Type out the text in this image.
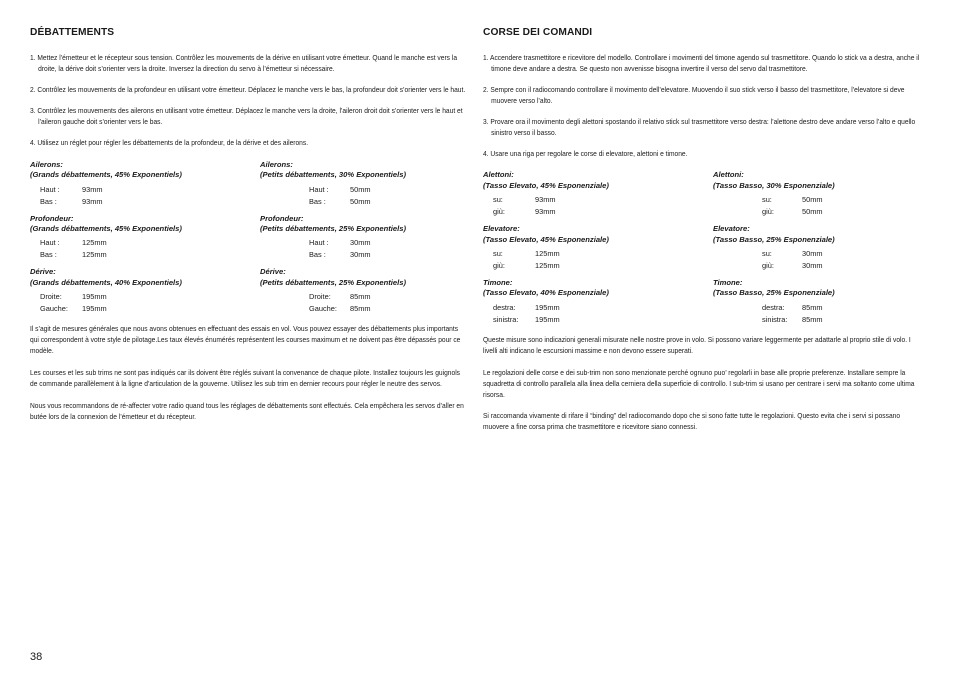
DÉBATTEMENTS
1. Mettez l’émetteur et le récepteur sous tension. Contrôlez les mouvements de la dérive en utilisant votre émetteur. Quand le manche est vers la droite, la dérive doit s’orienter vers la droite. Inversez la direction du servo à l’émetteur si nécessaire.
2. Contrôlez les mouvements de la profondeur en utilisant votre émetteur. Déplacez le manche vers le bas, la profondeur doit s’orienter vers le haut.
3. Contrôlez les mouvements des ailerons en utilisant votre émetteur. Déplacez le manche vers la droite, l’aileron droit doit s’orienter vers le haut et l’aileron gauche doit s’orienter vers le bas.
4. Utilisez un réglet pour régler les débattements de la profondeur, de la dérive et des ailerons.
Ailerons:
(Grands débattements, 45% Exponentiels)
Haut :	93mm
Bas :	93mm
Ailerons:
(Petits débattements, 30% Exponentiels)
Haut :	50mm
Bas :	50mm
Profondeur:
(Grands débattements, 45% Exponentiels)
Haut :	125mm
Bas :	125mm
Profondeur:
(Petits débattements, 25% Exponentiels)
Haut :	30mm
Bas :	30mm
Dérive:
(Grands débattements, 40% Exponentiels)
Droite:	195mm
Gauche:	195mm
Dérive:
(Petits débattements, 25% Exponentiels)
Droite:	85mm
Gauche:	85mm

Il s’agit de mesures générales que nous avons obtenues en effectuant des essais en vol. Vous pouvez essayer des débattements plus importants qui correspondent à votre style de pilotage.Les taux élevés énumérés représentent les courses maximum et ne doivent pas être dépassés pour ce modèle.

Les courses et les sub trims ne sont pas indiqués car ils doivent être réglés suivant la convenance de chaque pilote. Installez toujours les guignols de commande parallèlement à la ligne d’articulation de la gouverne. Utilisez les sub trim en dernier recours pour régler le neutre des servos.

Nous vous recommandons de ré-affecter votre radio quand tous les réglages de débattements sont effectués. Cela empêchera les servos d’aller en butée lors de la connexion de l’émetteur et du récepteur.

CORSE DEI COMANDI
1. Accendere trasmettitore e ricevitore del modello. Controllare i movimenti del timone agendo sul trasmettitore. Quando lo stick va a destra, anche il timone deve andare a destra. Se questo non avvenisse bisogna invertire il verso del servo dal trasmettitore.
2. Sempre con il radiocomando controllare il movimento dell’elevatore. Muovendo il suo stick verso il basso del trasmettitore, l’elevatore si deve muovere verso l’alto.
3. Provare ora il movimento degli alettoni spostando il relativo stick sul trasmettitore verso destra: l’alettone destro deve andare verso l’alto e quello sinistro verso il basso.
4. Usare una riga per regolare le corse di elevatore, alettoni e timone.
Alettoni:
(Tasso Elevato, 45% Esponenziale)
su:	93mm
giù:	93mm
Alettoni:
(Tasso Basso, 30% Esponenziale)
su:	50mm
giù:	50mm
Elevatore:
(Tasso Elevato, 45% Esponenziale)
su:	125mm
giù:	125mm
Elevatore:
(Tasso Basso, 25% Esponenziale)
su:	30mm
giù:	30mm
Timone:
(Tasso Elevato, 40% Esponenziale)
destra:	195mm
sinistra:	195mm
Timone:
(Tasso Basso, 25% Esponenziale)
destra:	85mm
sinistra:	85mm

Queste misure sono indicazioni generali misurate nelle nostre prove in volo. Si possono variare leggermente per adattarle al proprio stile di volo. I livelli alti indicano le escursioni massime e non devono essere superati.

Le regolazioni delle corse e dei sub-trim non sono menzionate perché ognuno puo’ regolarli in base alle proprie preferenze. Installare sempre la squadretta di controllo parallela alla linea della cerniera della superficie di controllo. I sub-trim si usano per centrare i servi ma soltanto come ultima risorsa.

Si raccomanda vivamente di rifare il “binding” del radiocomando dopo che si sono fatte tutte le regolazioni. Questo evita che i servi si possano muovere a fine corsa prima che trasmettitore e ricevitore siano connessi.

38
